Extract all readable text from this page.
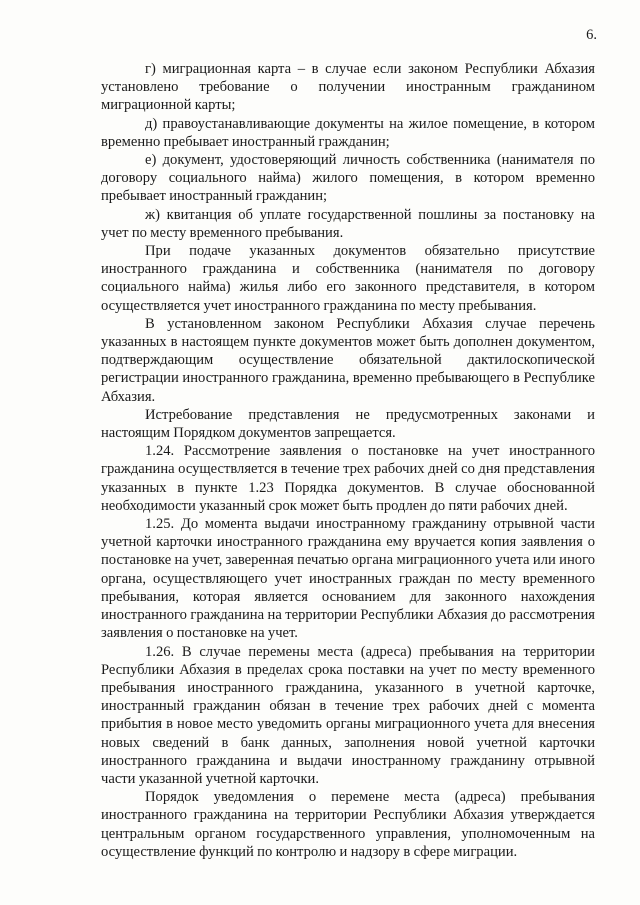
6.

г) миграционная карта – в случае если законом Республики Абхазия установлено требование о получении иностранным гражданином миграционной карты;

д) правоустанавливающие документы на жилое помещение, в котором временно пребывает иностранный гражданин;

е) документ, удостоверяющий личность собственника (нанимателя по договору социального найма) жилого помещения, в котором временно пребывает иностранный гражданин;

ж) квитанция об уплате государственной пошлины за постановку на учет по месту временного пребывания.

При подаче указанных документов обязательно присутствие иностранного гражданина и собственника (нанимателя по договору социального найма) жилья либо его законного представителя, в котором осуществляется учет иностранного гражданина по месту пребывания.

В установленном законом Республики Абхазия случае перечень указанных в настоящем пункте документов может быть дополнен документом, подтверждающим осуществление обязательной дактилоскопической регистрации иностранного гражданина, временно пребывающего в Республике Абхазия.

Истребование представления не предусмотренных законами и настоящим Порядком документов запрещается.

1.24. Рассмотрение заявления о постановке на учет иностранного гражданина осуществляется в течение трех рабочих дней со дня представления указанных в пункте 1.23 Порядка документов. В случае обоснованной необходимости указанный срок может быть продлен до пяти рабочих дней.

1.25. До момента выдачи иностранному гражданину отрывной части учетной карточки иностранного гражданина ему вручается копия заявления о постановке на учет, заверенная печатью органа миграционного учета или иного органа, осуществляющего учет иностранных граждан по месту временного пребывания, которая является основанием для законного нахождения иностранного гражданина на территории Республики Абхазия до рассмотрения заявления о постановке на учет.

1.26. В случае перемены места (адреса) пребывания на территории Республики Абхазия в пределах срока поставки на учет по месту временного пребывания иностранного гражданина, указанного в учетной карточке, иностранный гражданин обязан в течение трех рабочих дней с момента прибытия в новое место уведомить органы миграционного учета для внесения новых сведений в банк данных, заполнения новой учетной карточки иностранного гражданина и выдачи иностранному гражданину отрывной части указанной учетной карточки.

Порядок уведомления о перемене места (адреса) пребывания иностранного гражданина на территории Республики Абхазия утверждается центральным органом государственного управления, уполномоченным на осуществление функций по контролю и надзору в сфере миграции.
